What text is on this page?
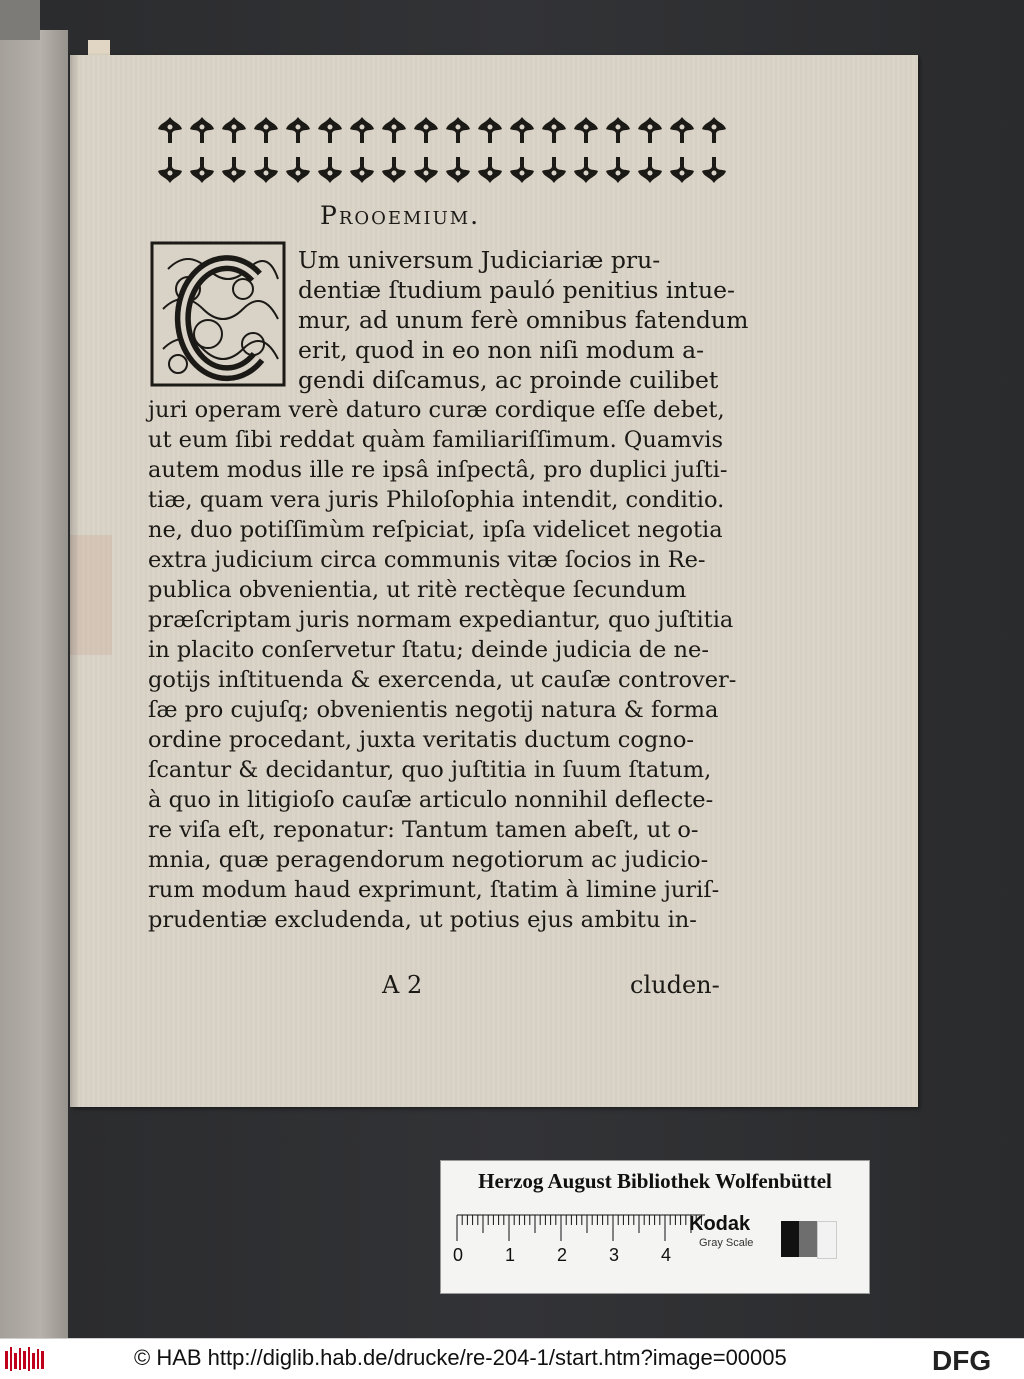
Prooemium.
Um universum Judiciariæ pru-
dentiæ ſtudium pauló penitius intue-
mur, ad unum ferè omnibus fatendum
erit, quod in eo non niſi modum a-
gendi diſcamus, ac proinde cuilibet
juri operam verè daturo curæ cordique eſſe debet,
ut eum ſibi reddat quàm familiariſſimum. Quamvis
autem modus ille re ipsâ inſpectâ, pro duplici juſti-
tiæ, quam vera juris Philoſophia intendit, conditio.
ne, duo potiſſimùm reſpiciat, ipſa videlicet negotia
extra judicium circa communis vitæ ſocios in Re-
publica obvenientia, ut ritè rectèque ſecundum
præſcriptam juris normam expediantur, quo juſtitia
in placito conſervetur ſtatu; deinde judicia de ne-
gotijs inſtituenda & exercenda, ut cauſæ controver-
ſæ pro cujuſq; obvenientis negotij natura & forma
ordine procedant, juxta veritatis ductum cogno-
ſcantur & decidantur, quo juſtitia in ſuum ſtatum,
à quo in litigioſo cauſæ articulo nonnihil deflecte-
re viſa eſt, reponatur: Tantum tamen abeſt, ut o-
mnia, quæ peragendorum negotiorum ac judicio-
rum modum haud exprimunt, ſtatim à limine juriſ-
prudentiæ excludenda, ut potius ejus ambitu in-
A 2	cluden-
Herzog August Bibliothek Wolfenbüttel
0 1 2 3 4
Kodak
Gray Scale
© HAB http://diglib.hab.de/drucke/re-204-1/start.htm?image=00005	DFG
